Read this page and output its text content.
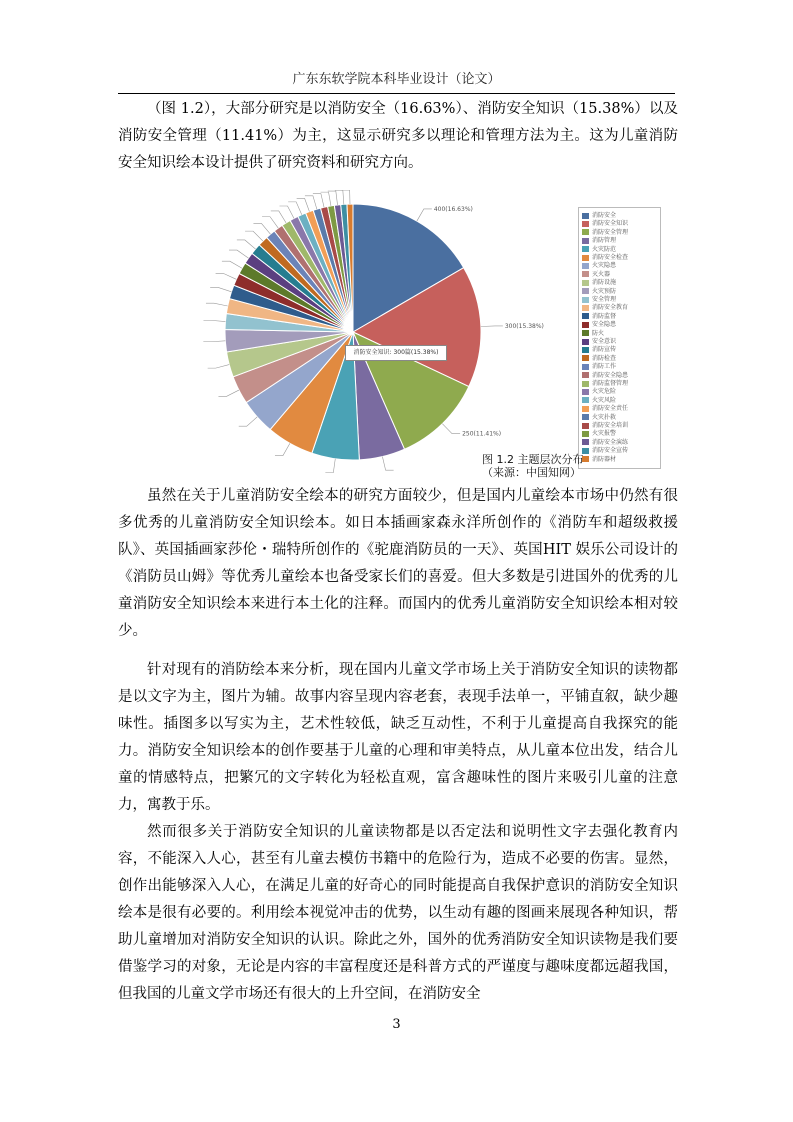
广东东软学院本科毕业设计（论文）
（图 1.2），大部分研究是以消防安全（16.63%）、消防安全知识（15.38%）以及消防安全管理（11.41%）为主，这显示研究多以理论和管理方法为主。这为儿童消防安全知识绘本设计提供了研究资料和研究方向。
400(16.63%)
300(15.38%)
250(11.41%)
消防安全知识: 300篇(15.38%)
消防安全
消防安全知识
消防安全管理
消防管理
火灾防范
消防安全检查
火灾隐患
灭火器
消防设施
火灾预防
安全管理
消防安全教育
消防监督
安全隐患
防火
安全意识
消防宣传
消防检查
消防工作
消防安全隐患
消防监督管理
火灾危险
火灾风险
消防安全责任
火灾扑救
消防安全培训
火灾报警
消防安全演练
消防安全宣传
消防器材
图 1.2 主题层次分布
（来源：中国知网）
虽然在关于儿童消防安全绘本的研究方面较少，但是国内儿童绘本市场中仍然有很多优秀的儿童消防安全知识绘本。如日本插画家森永洋所创作的《消防车和超级救援队》、英国插画家莎伦・瑞特所创作的《驼鹿消防员的一天》、英国HIT 娱乐公司设计的《消防员山姆》等优秀儿童绘本也备受家长们的喜爱。但大多数是引进国外的优秀的儿童消防安全知识绘本来进行本土化的注释。而国内的优秀儿童消防安全知识绘本相对较少。
针对现有的消防绘本来分析，现在国内儿童文学市场上关于消防安全知识的读物都是以文字为主，图片为辅。故事内容呈现内容老套，表现手法单一，平铺直叙，缺少趣味性。插图多以写实为主，艺术性较低，缺乏互动性，不利于儿童提高自我探究的能力。消防安全知识绘本的创作要基于儿童的心理和审美特点，从儿童本位出发，结合儿童的情感特点，把繁冗的文字转化为轻松直观，富含趣味性的图片来吸引儿童的注意力，寓教于乐。
然而很多关于消防安全知识的儿童读物都是以否定法和说明性文字去强化教育内容，不能深入人心，甚至有儿童去模仿书籍中的危险行为，造成不必要的伤害。显然，创作出能够深入人心，在满足儿童的好奇心的同时能提高自我保护意识的消防安全知识绘本是很有必要的。利用绘本视觉冲击的优势，以生动有趣的图画来展现各种知识，帮助儿童增加对消防安全知识的认识。除此之外，国外的优秀消防安全知识读物是我们要借鉴学习的对象，无论是内容的丰富程度还是科普方式的严谨度与趣味度都远超我国，但我国的儿童文学市场还有很大的上升空间，在消防安全
3
